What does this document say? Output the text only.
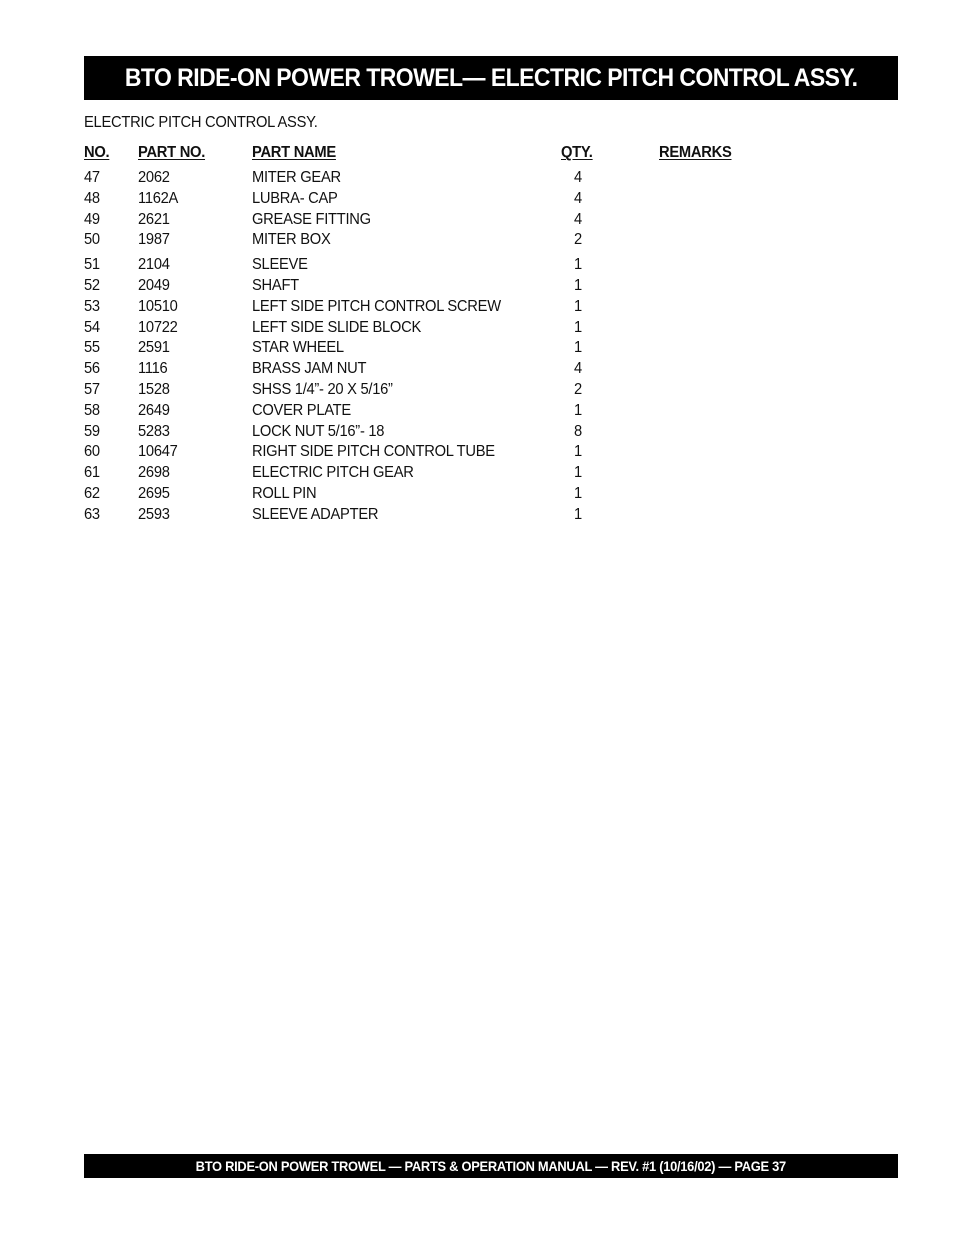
BTO RIDE-ON POWER TROWEL— ELECTRIC PITCH CONTROL ASSY.
ELECTRIC PITCH CONTROL ASSY.
NO. PART NO.	PART NAME	QTY.	REMARKS
47 2062	MITER GEAR	4
48 1162A	LUBRA- CAP	4
49 2621	GREASE FITTING	4
50 1987	MITER BOX	2
51 2104	SLEEVE	1
52 2049	SHAFT	1
53 10510	LEFT SIDE PITCH CONTROL SCREW	1
54 10722	LEFT SIDE SLIDE BLOCK	1
55 2591	STAR WHEEL	1
56 1116	BRASS JAM NUT	4
57 1528	SHSS 1/4”- 20 X 5/16”	2
58 2649	COVER PLATE	1
59 5283	LOCK NUT 5/16”- 18	8
60 10647	RIGHT SIDE PITCH CONTROL TUBE	1
61 2698	ELECTRIC PITCH GEAR	1
62 2695	ROLL PIN	1
63 2593	SLEEVE ADAPTER	1
BTO RIDE-ON POWER TROWEL — PARTS & OPERATION MANUAL — REV. #1 (10/16/02) — PAGE 37
